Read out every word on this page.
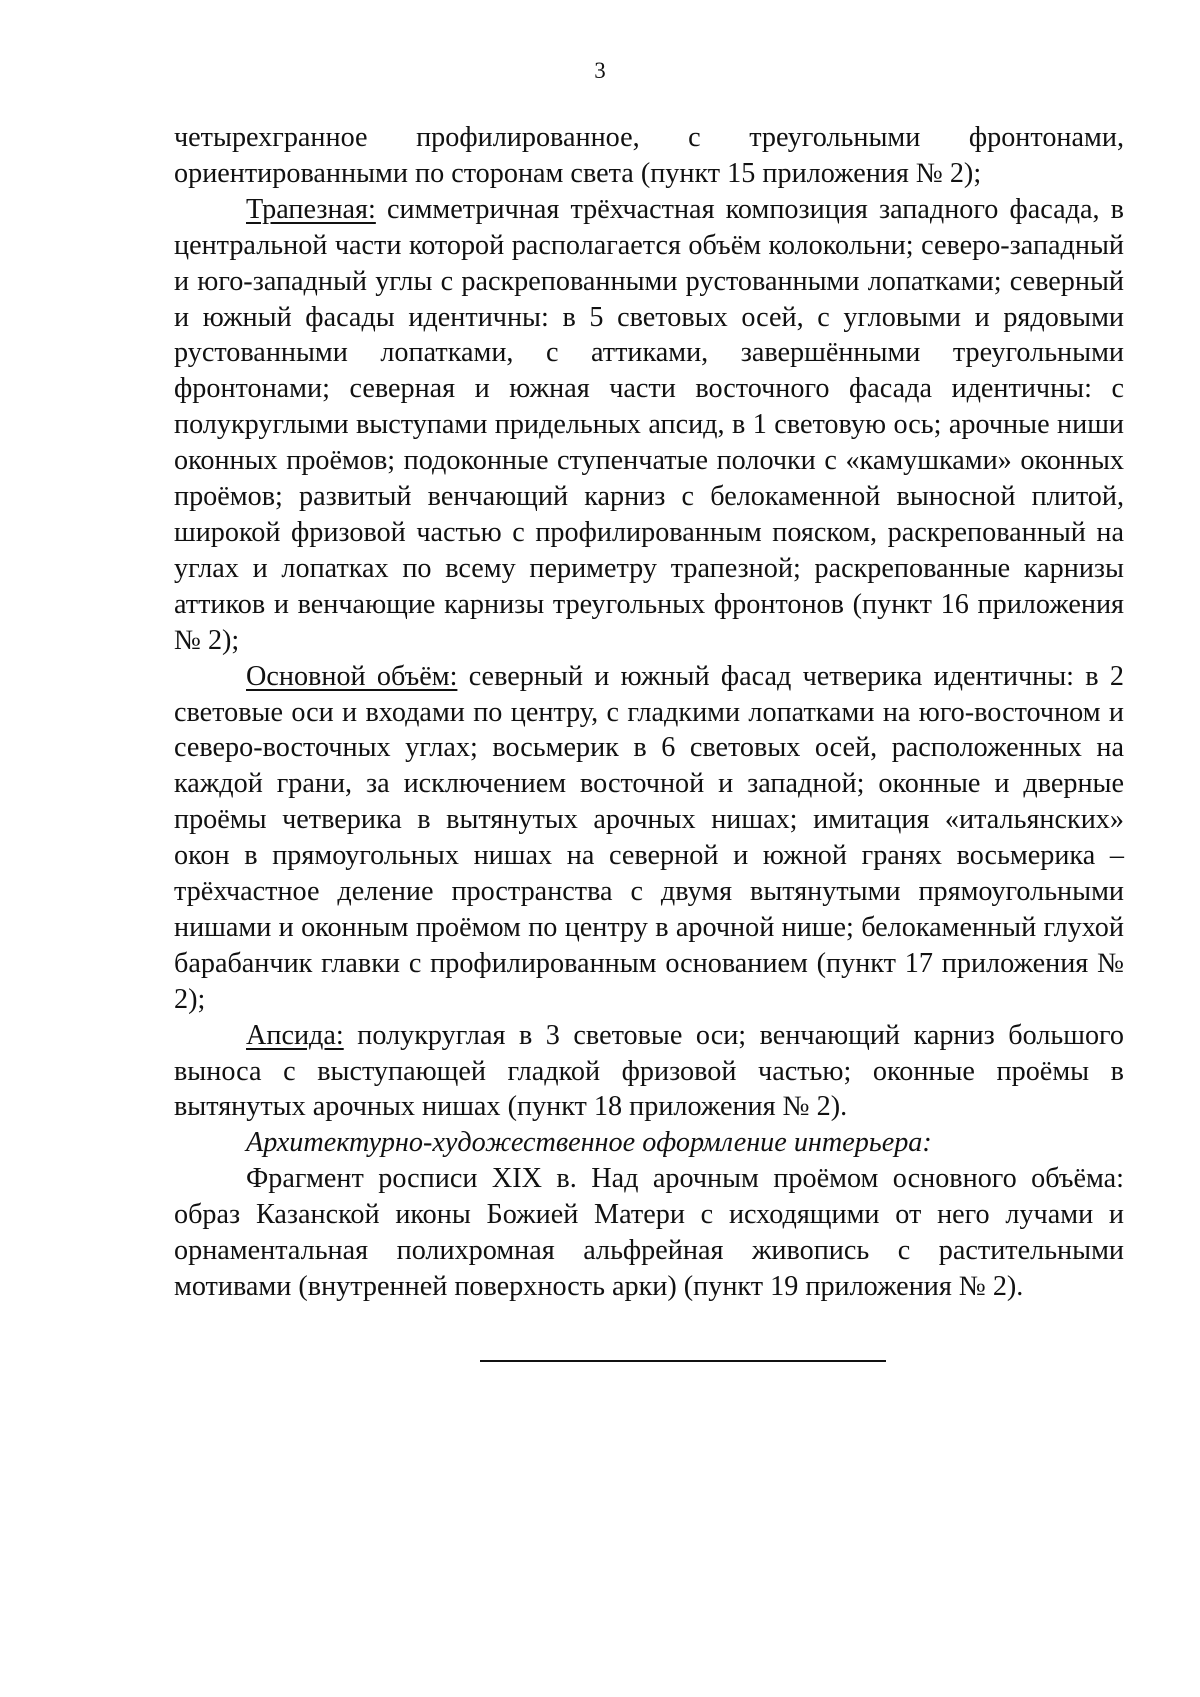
3

четырехгранное профилированное, с треугольными фронтонами, ориентированными по сторонам света (пункт 15 приложения № 2);

Трапезная: симметричная трёхчастная композиция западного фасада, в центральной части которой располагается объём колокольни; северо-западный и юго-западный углы с раскрепованными рустованными лопатками; северный и южный фасады идентичны: в 5 световых осей, с угловыми и рядовыми рустованными лопатками, с аттиками, завершёнными треугольными фронтонами; северная и южная части восточного фасада идентичны: с полукруглыми выступами придельных апсид, в 1 световую ось; арочные ниши оконных проёмов; подоконные ступенчатые полочки с «камушками» оконных проёмов; развитый венчающий карниз с белокаменной выносной плитой, широкой фризовой частью с профилированным пояском, раскрепованный на углах и лопатках по всему периметру трапезной; раскрепованные карнизы аттиков и венчающие карнизы треугольных фронтонов (пункт 16 приложения № 2);

Основной объём: северный и южный фасад четверика идентичны: в 2 световые оси и входами по центру, с гладкими лопатками на юго-восточном и северо-восточных углах; восьмерик в 6 световых осей, расположенных на каждой грани, за исключением восточной и западной; оконные и дверные проёмы четверика в вытянутых арочных нишах; имитация «итальянских» окон в прямоугольных нишах на северной и южной гранях восьмерика – трёхчастное деление пространства с двумя вытянутыми прямоугольными нишами и оконным проёмом по центру в арочной нише; белокаменный глухой барабанчик главки с профилированным основанием (пункт 17 приложения № 2);

Апсида: полукруглая в 3 световые оси; венчающий карниз большого выноса с выступающей гладкой фризовой частью; оконные проёмы в вытянутых арочных нишах (пункт 18 приложения № 2).

Архитектурно-художественное оформление интерьера:

Фрагмент росписи XIX в. Над арочным проёмом основного объёма: образ Казанской иконы Божией Матери с исходящими от него лучами и орнаментальная полихромная альфрейная живопись с растительными мотивами (внутренней поверхность арки) (пункт 19 приложения № 2).
